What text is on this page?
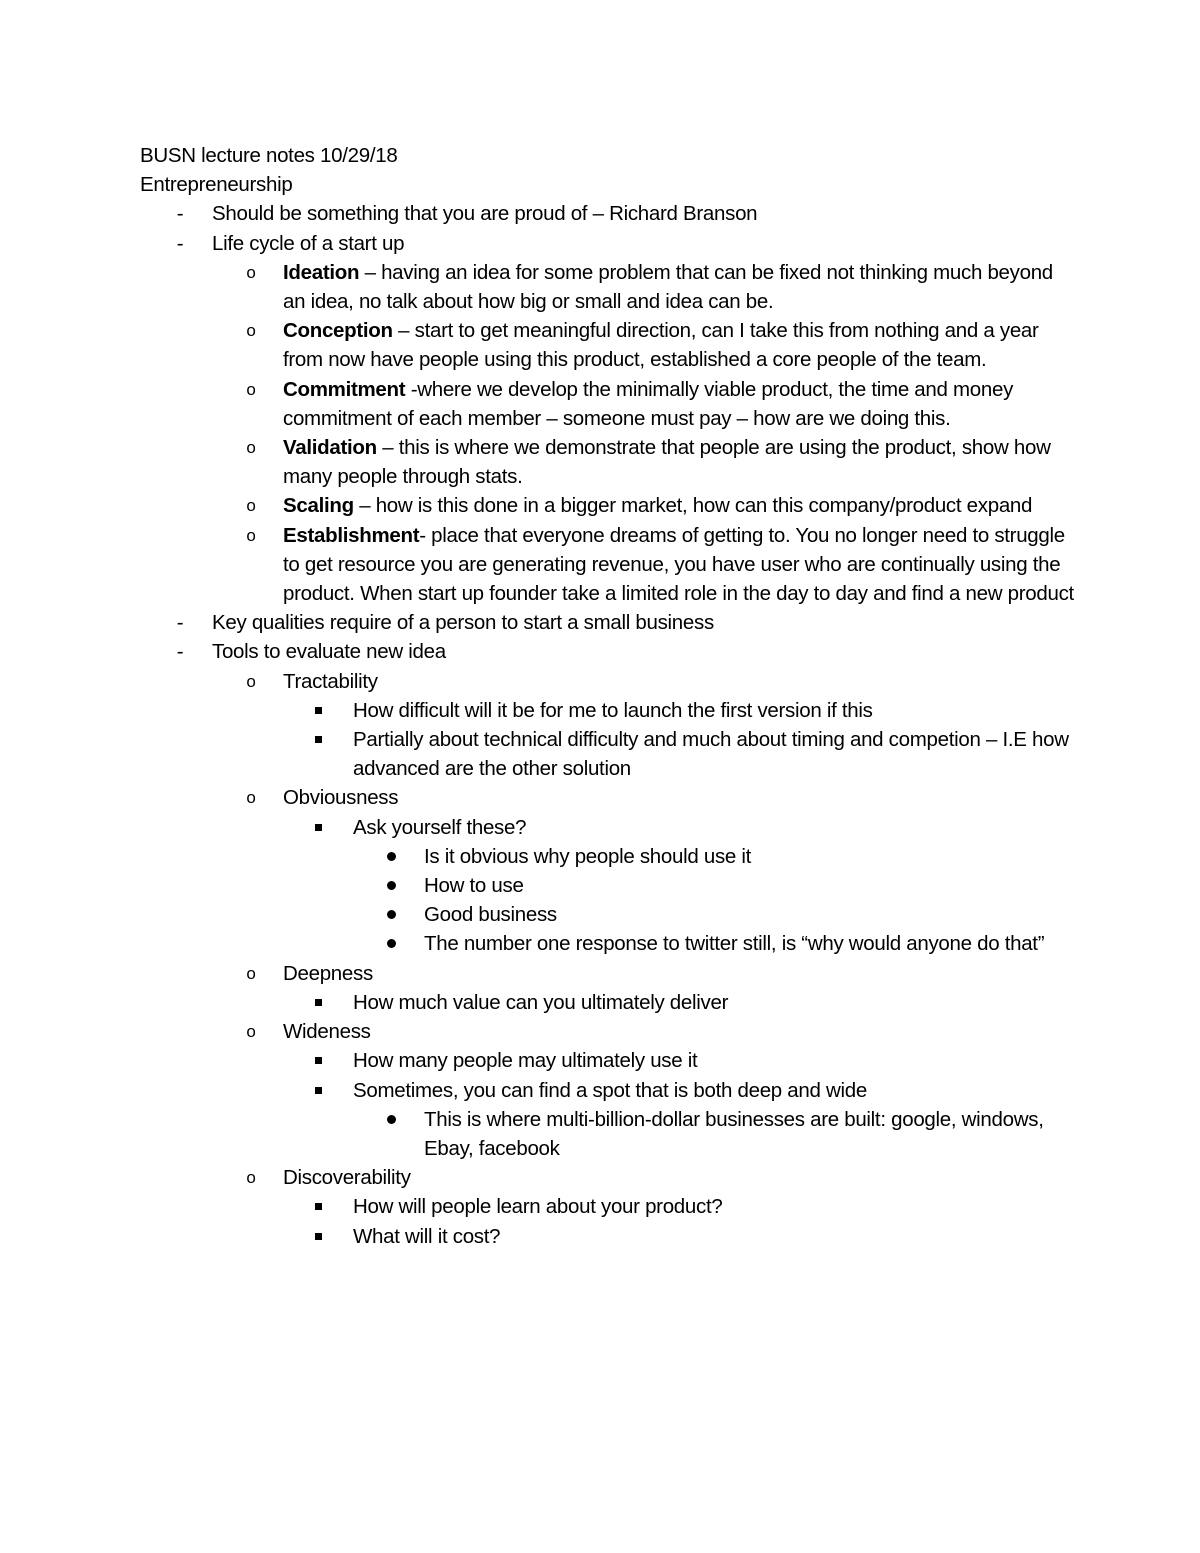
BUSN lecture notes 10/29/18
Entrepreneurship
- Should be something that you are proud of – Richard Branson
- Life cycle of a start up
o Ideation – having an idea for some problem that can be fixed not thinking much beyond an idea, no talk about how big or small and idea can be.
o Conception – start to get meaningful direction, can I take this from nothing and a year from now have people using this product, established a core people of the team.
o Commitment -where we develop the minimally viable product, the time and money commitment of each member – someone must pay – how are we doing this.
o Validation – this is where we demonstrate that people are using the product, show how many people through stats.
o Scaling – how is this done in a bigger market, how can this company/product expand
o Establishment- place that everyone dreams of getting to. You no longer need to struggle to get resource you are generating revenue, you have user who are continually using the product. When start up founder take a limited role in the day to day and find a new product
- Key qualities require of a person to start a small business
- Tools to evaluate new idea
o Tractability
How difficult will it be for me to launch the first version if this
Partially about technical difficulty and much about timing and competion – I.E how advanced are the other solution
o Obviousness
Ask yourself these?
Is it obvious why people should use it
How to use
Good business
The number one response to twitter still, is “why would anyone do that”
o Deepness
How much value can you ultimately deliver
o Wideness
How many people may ultimately use it
Sometimes, you can find a spot that is both deep and wide
This is where multi-billion-dollar businesses are built: google, windows, Ebay, facebook
o Discoverability
How will people learn about your product?
What will it cost?
